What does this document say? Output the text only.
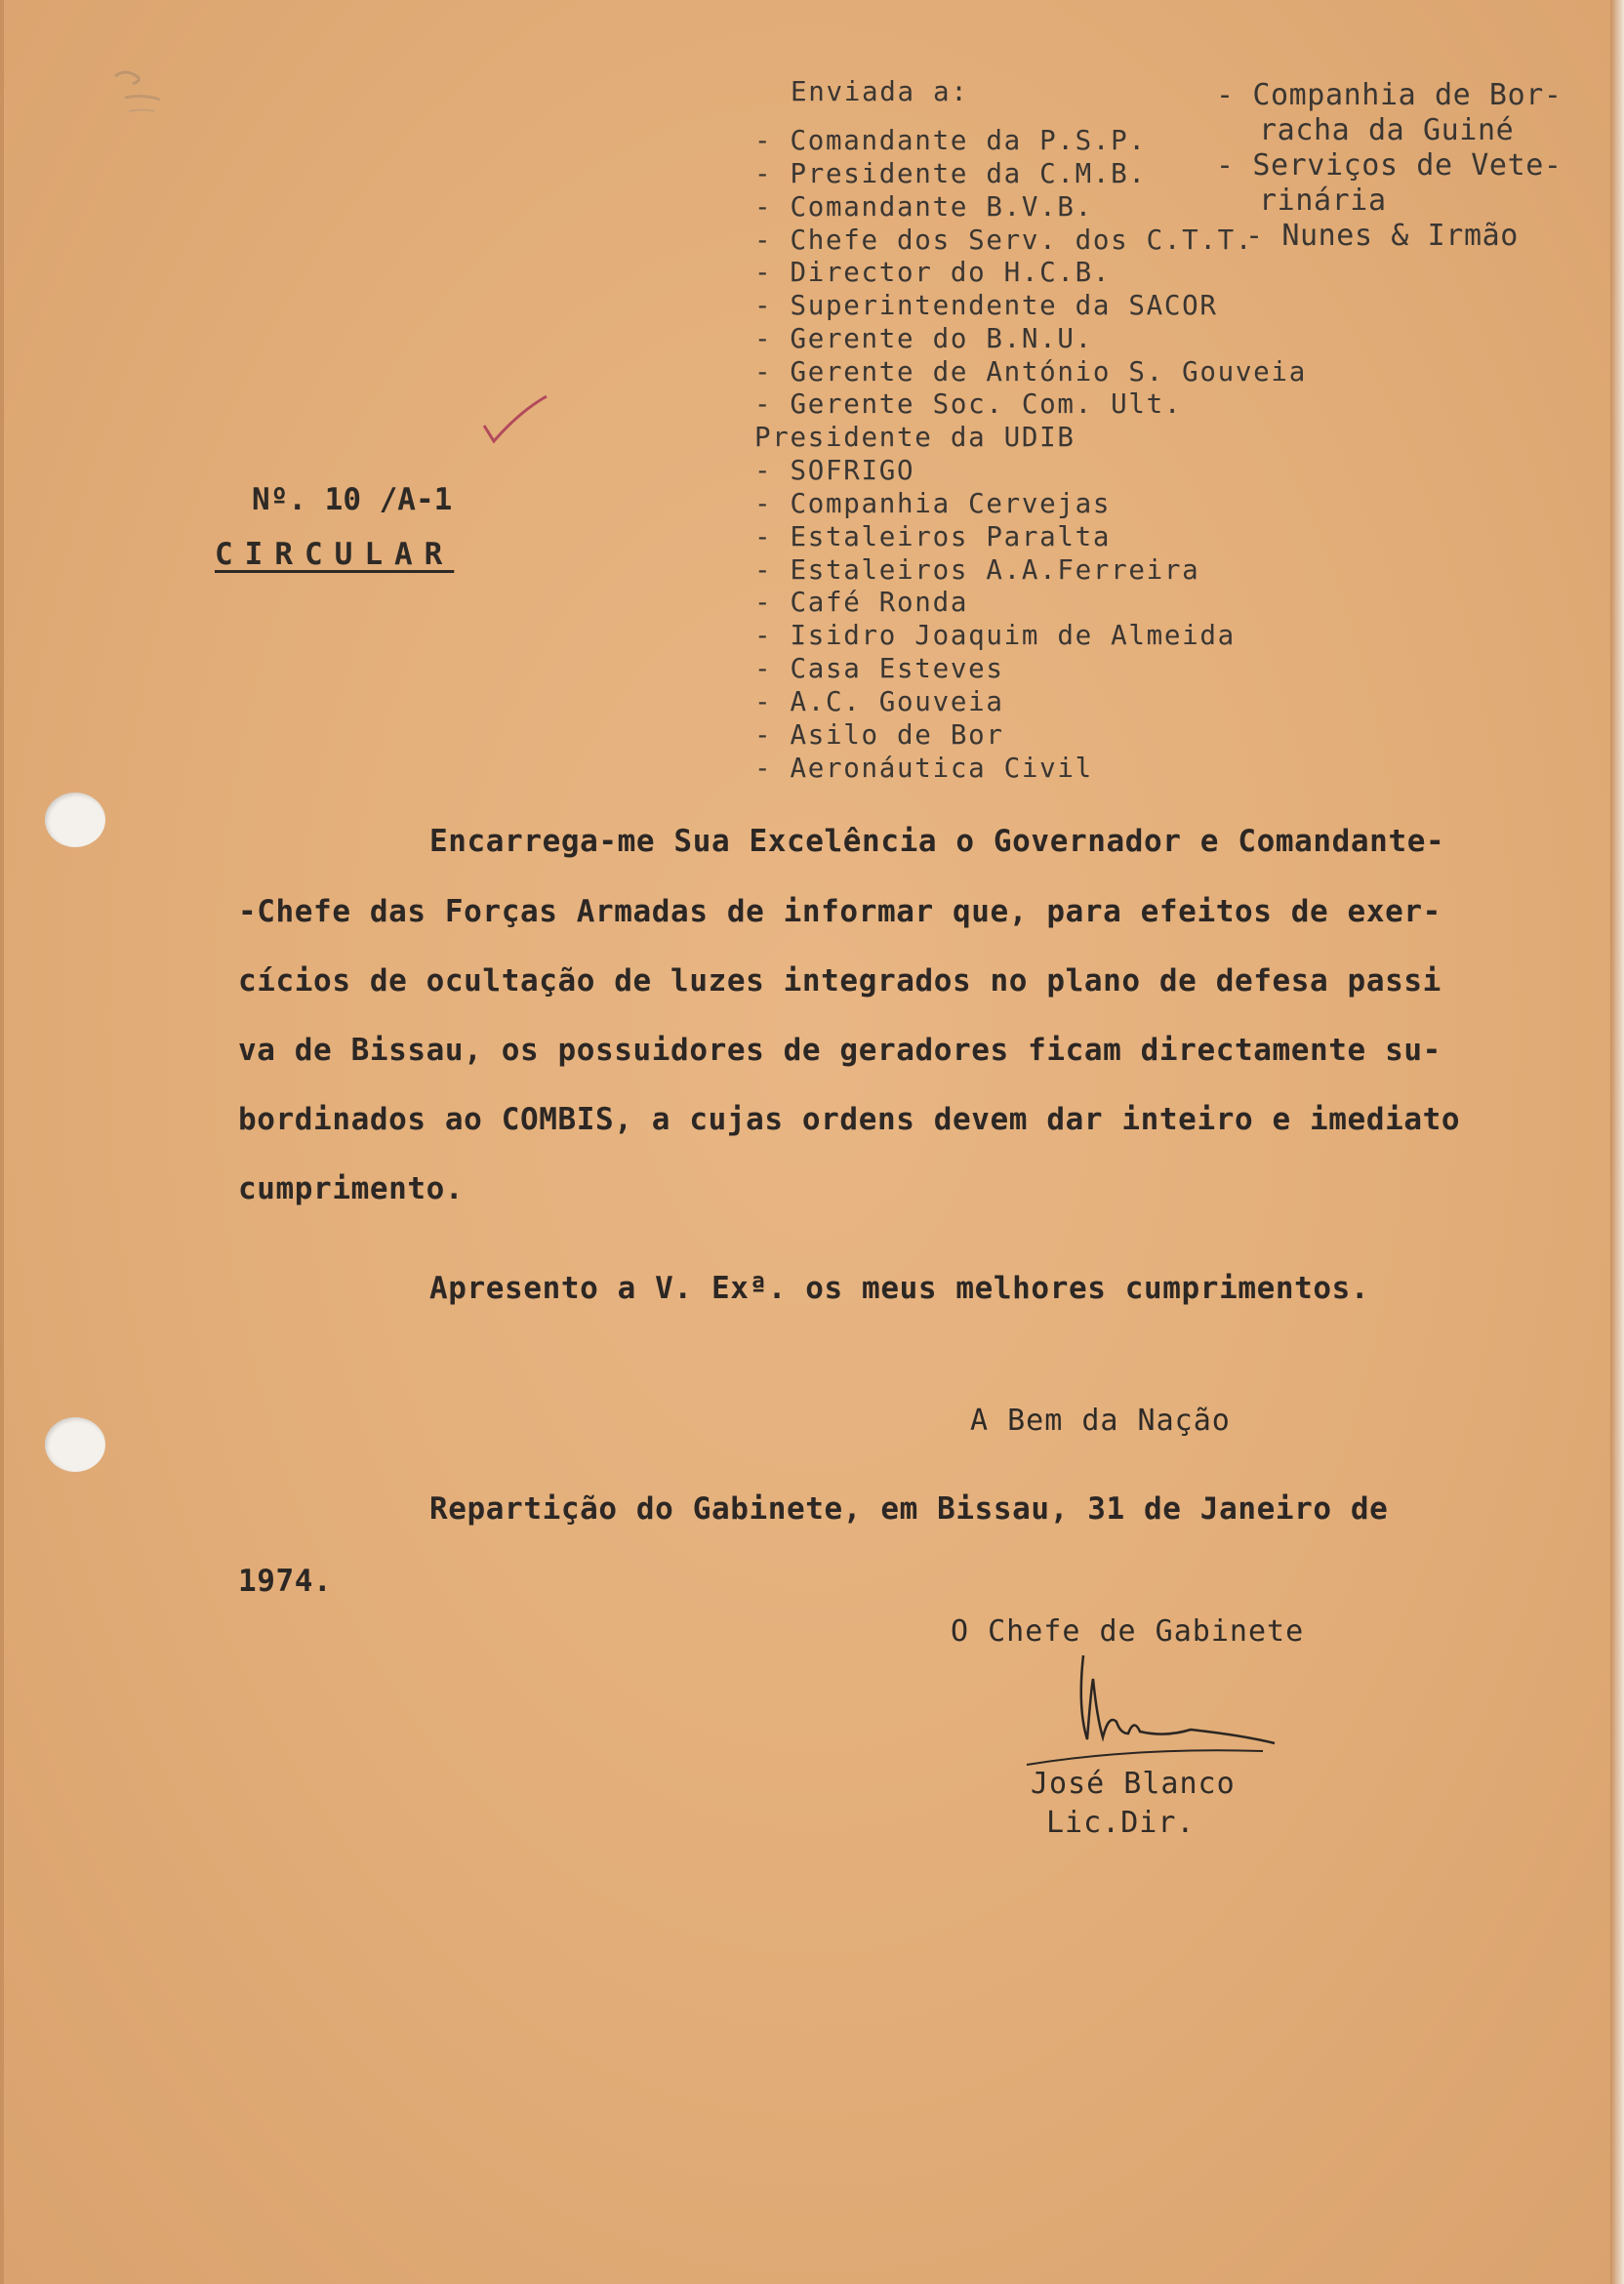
Enviada a:
- Comandante da P.S.P.
- Presidente da C.M.B.
- Comandante B.V.B.
- Chefe dos Serv. dos C.T.T.
- Director do H.C.B.
- Superintendente da SACOR
- Gerente do B.N.U.
- Gerente de António S. Gouveia
- Gerente Soc. Com. Ult.
Presidente da UDIB
- SOFRIGO
- Companhia Cervejas
- Estaleiros Paralta
- Estaleiros A.A.Ferreira
- Café Ronda
- Isidro Joaquim de Almeida
- Casa Esteves
- A.C. Gouveia
- Asilo de Bor
- Aeronáutica Civil
- Companhia de Bor-
racha da Guiné
- Serviços de Vete-
rinária
- Nunes & Irmão
Nº. 10 /A-1
CIRCULAR
Encarrega-me Sua Excelência o Governador e Comandante-
-Chefe das Forças Armadas de informar que, para efeitos de exer-
cícios de ocultação de luzes integrados no plano de defesa passi
va de Bissau, os possuidores de geradores ficam directamente su-
bordinados ao COMBIS, a cujas ordens devem dar inteiro e imediato
cumprimento.
Apresento a V. Exª. os meus melhores cumprimentos.
A Bem da Nação
Repartição do Gabinete, em Bissau, 31 de Janeiro de
1974.
O Chefe de Gabinete
José Blanco
Lic.Dir.
